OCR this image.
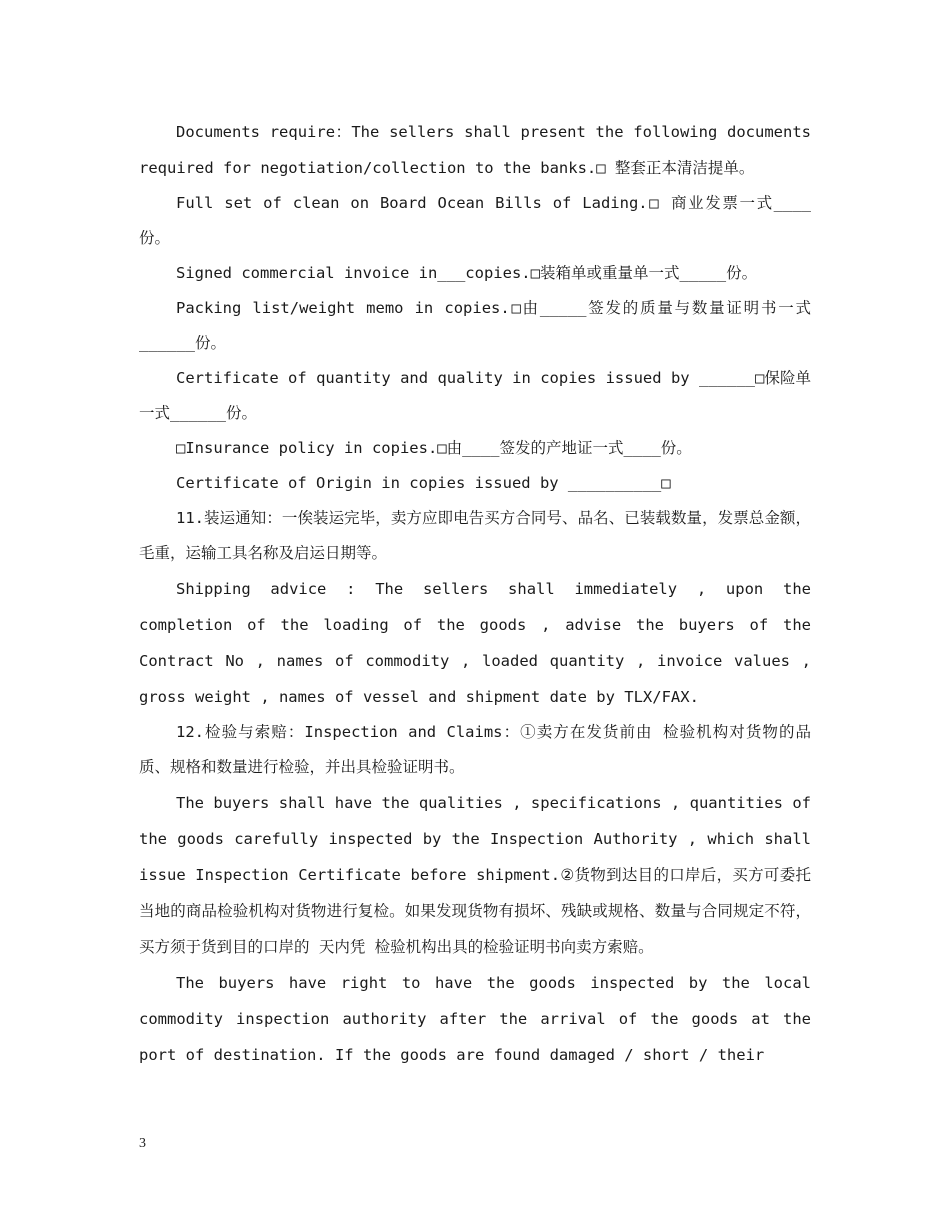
Documents require：The sellers shall present the following documents required for negotiation/collection to the banks.□ 整套正本清洁提单。

Full set of clean on Board Ocean Bills of Lading.□ 商业发票一式____份。

Signed commercial invoice in___copies.□装箱单或重量单一式_____份。

Packing list/weight memo in copies.□由_____签发的质量与数量证明书一式______份。

Certificate of quantity and quality in copies issued by ______□保险单一式______份。

□Insurance policy in copies.□由____签发的产地证一式____份。

Certificate of Origin in copies issued by __________□

11.装运通知：一俟装运完毕，卖方应即电告买方合同号、品名、已装载数量，发票总金额，毛重，运输工具名称及启运日期等。

Shipping advice : The sellers shall immediately , upon the completion of the loading of the goods , advise the buyers of the Contract No , names of commodity , loaded quantity , invoice values , gross weight , names of vessel and shipment date by TLX/FAX.

12.检验与索赔：Inspection and Claims：①卖方在发货前由 检验机构对货物的品质、规格和数量进行检验，并出具检验证明书。

The buyers shall have the qualities , specifications , quantities of the goods carefully inspected by the Inspection Authority , which shall issue Inspection Certificate before shipment.②货物到达目的口岸后，买方可委托当地的商品检验机构对货物进行复检。如果发现货物有损坏、残缺或规格、数量与合同规定不符，买方须于货到目的口岸的 天内凭 检验机构出具的检验证明书向卖方索赔。

The buyers have right to have the goods inspected by the local commodity inspection authority after the arrival of the goods at the port of destination. If the goods are found damaged / short / their

3
